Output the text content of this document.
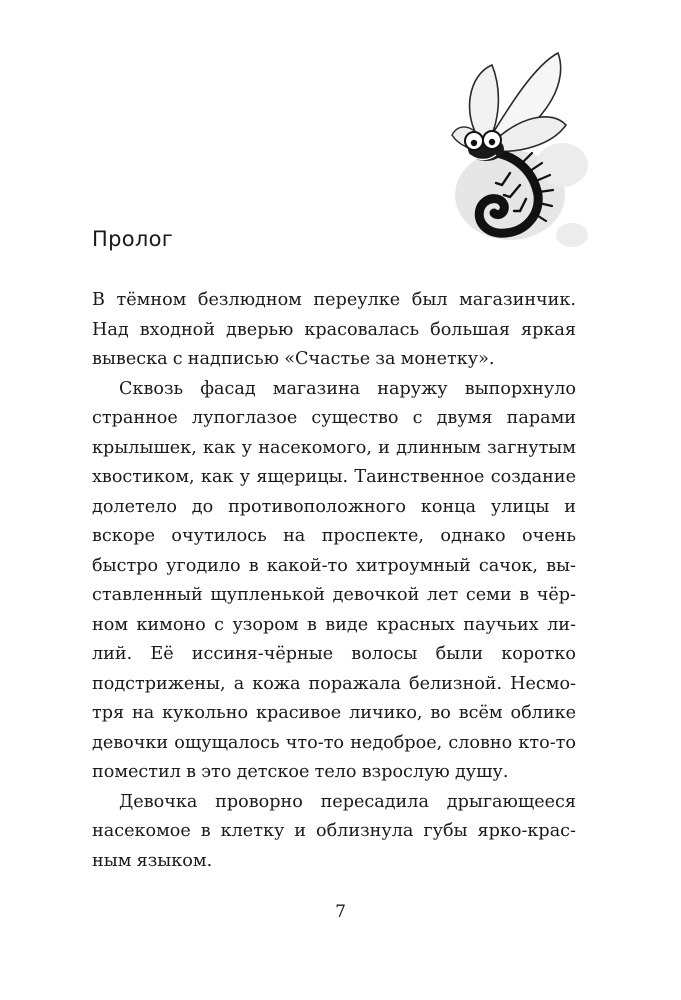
Пролог

В тёмном безлюдном переулке был магазинчик. Над входной дверью красовалась большая яркая вывеска с надписью «Счастье за монетку».

Сквозь фасад магазина наружу выпорхнуло странное лупоглазое существо с двумя парами крылышек, как у насекомого, и длинным загнутым хвостиком, как у ящерицы. Таинственное создание долетело до противоположного конца улицы и вскоре очутилось на проспекте, однако очень быстро угодило в какой-то хитроумный сачок, выставленный щупленькой девочкой лет семи в чёрном кимоно с узором в виде красных паучьих лилий. Её иссиня-чёрные волосы были коротко подстрижены, а кожа поражала белизной. Несмотря на кукольно красивое личико, во всём облике девочки ощущалось что-то недоброе, словно кто-то поместил в это детское тело взрослую душу.

Девочка проворно пересадила дрыгающееся насекомое в клетку и облизнула губы ярко-красным языком.

7
